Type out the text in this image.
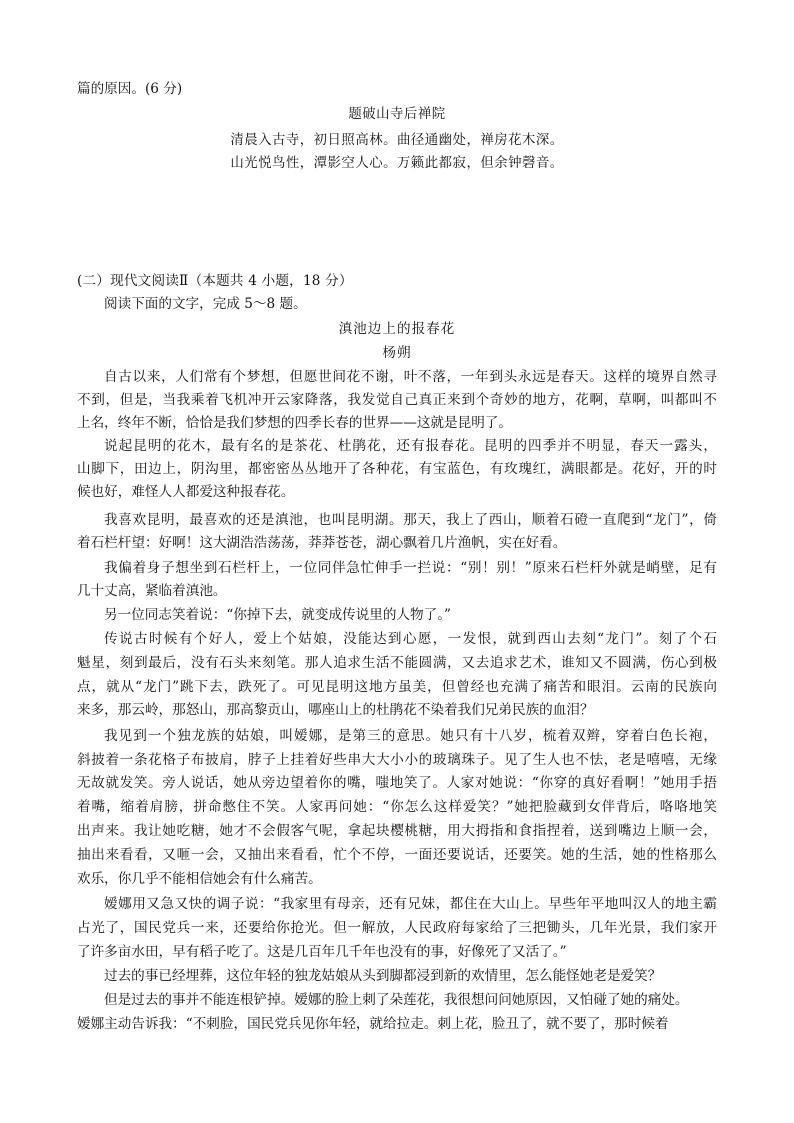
篇的原因。(6 分)
题破山寺后禅院
清晨入古寺，初日照高林。曲径通幽处，禅房花木深。
山光悦鸟性，潭影空人心。万籁此都寂，但余钟磬音。
(二）现代文阅读Ⅱ（本题共 4 小题，18 分）
阅读下面的文字，完成 5～8 题。
滇池边上的报春花
杨朔
自古以来，人们常有个梦想，但愿世间花不谢，叶不落，一年到头永远是春天。这样的境界自然寻
不到，但是，当我乘着飞机冲开云家降落，我发觉自己真正来到个奇妙的地方，花啊，草啊，叫都叫不
上名，终年不断，恰恰是我们梦想的四季长春的世界——这就是昆明了。
说起昆明的花木，最有名的是茶花、杜鹃花，还有报春花。昆明的四季并不明显，春天一露头，
山脚下，田边上，阴沟里，都密密丛丛地开了各种花，有宝蓝色，有玫瑰红，满眼都是。花好，开的时
候也好，难怪人人都爱这种报春花。
我喜欢昆明，最喜欢的还是滇池，也叫昆明湖。那天，我上了西山，顺着石磴一直爬到“龙门”，倚
着石栏杆望：好啊！这大湖浩浩荡荡，莽莽苍苍，湖心飘着几片渔帆，实在好看。
我偏着身子想坐到石栏杆上，一位同伴急忙伸手一拦说：“别！别！”原来石栏杆外就是峭壁，足有
几十丈高，紧临着滇池。
另一位同志笑着说：“你掉下去，就变成传说里的人物了。”
传说古时候有个好人，爱上个姑娘，没能达到心愿，一发恨，就到西山去刻“龙门”。刻了个石
魁星，刻到最后，没有石头来刻笔。那人追求生活不能圆满，又去追求艺术，谁知又不圆满，伤心到极
点，就从“龙门”跳下去，跌死了。可见昆明这地方虽美，但曾经也充满了痛苦和眼泪。云南的民族向
来多，那云岭，那怒山，那高黎贡山，哪座山上的杜鹃花不染着我们兄弟民族的血泪？
我见到一个独龙族的姑娘，叫嫒娜，是第三的意思。她只有十八岁，梳着双辫，穿着白色长袍，
斜披着一条花格子布披肩，脖子上挂着好些串大大小小的玻璃珠子。见了生人也不怯，老是嘻嘻，无缘
无故就发笑。旁人说话，她从旁边望着你的嘴，嗤地笑了。人家对她说：“你穿的真好看啊！”她用手捂
着嘴，缩着肩膀，拼命憋住不笑。人家再问她：“你怎么这样爱笑？”她把脸藏到女伴背后，咯咯地笑
出声来。我让她吃糖，她才不会假客气呢，拿起块樱桃糖，用大拇指和食指捏着，送到嘴边上顺一会，
抽出来看看，又咂一会，又抽出来看看，忙个不停，一面还要说话，还要笑。她的生活，她的性格那么
欢乐，你几乎不能相信她会有什么痛苦。
嫒娜用又急又快的调子说：“我家里有母亲，还有兄妹，都住在大山上。早些年平地叫汉人的地主霸
占光了，国民党兵一来，还要给你抢光。但一解放，人民政府每家给了三把锄头，几年光景，我们家开
了许多亩水田，早有稻子吃了。这是几百年几千年也没有的事，好像死了又活了。”
过去的事已经埋葬，这位年轻的独龙姑娘从头到脚都浸到新的欢情里，怎么能怪她老是爱笑？
但是过去的事并不能连根铲掉。嫒娜的脸上刺了朵莲花，我很想问问她原因，又怕碰了她的痛处。
嫒娜主动告诉我：“不刺脸，国民党兵见你年轻，就给拉走。刺上花，脸丑了，就不要了，那时候着
